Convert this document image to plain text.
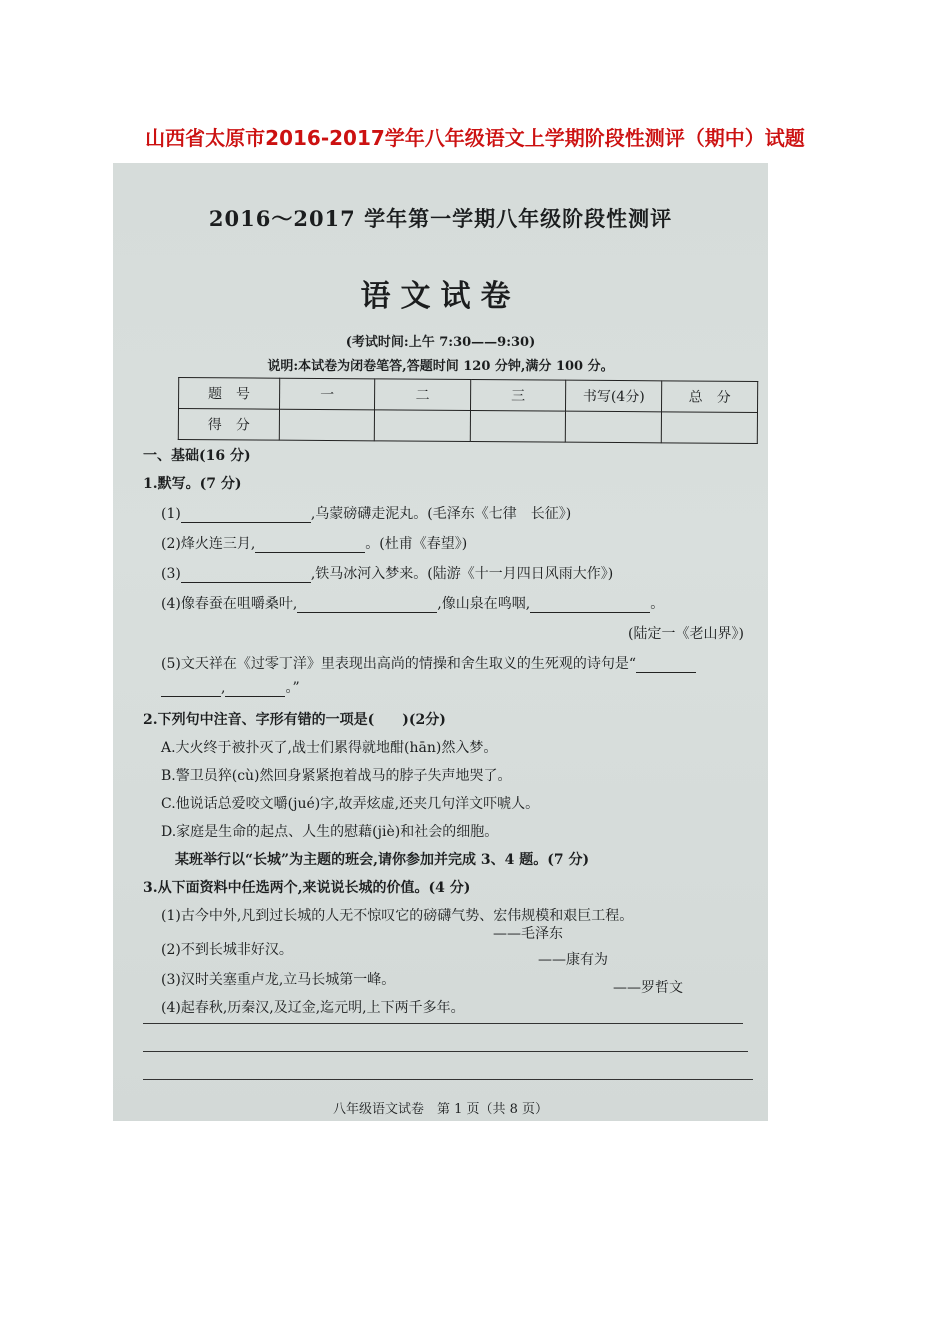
山西省太原市2016-2017学年八年级语文上学期阶段性测评（期中）试题

2016～2017 学年第一学期八年级阶段性测评
语文试卷
(考试时间:上午 7:30——9:30)
说明:本试卷为闭卷笔答,答题时间 120 分钟,满分 100 分。
题　号	一	二	三	书写(4分)	总　分
得　分					
一、基础(16 分)
1.默写。(7 分)
(1)	,乌蒙磅礴走泥丸。(毛泽东《七律　长征》)
(2)烽火连三月,	。(杜甫《春望》)
(3)	,铁马冰河入梦来。(陆游《十一月四日风雨大作》)
(4)像春蚕在咀嚼桑叶,	,像山泉在鸣咽,	。
(陆定一《老山界》)
(5)文天祥在《过零丁洋》里表现出高尚的情操和舍生取义的生死观的诗句是“
,	。”
2.下列句中注音、字形有错的一项是(　　)(2分)
A.大火终于被扑灭了,战士们累得就地酣(hān)然入梦。
B.警卫员猝(cù)然回身紧紧抱着战马的脖子失声地哭了。
C.他说话总爱咬文嚼(jué)字,故弄炫虚,还夹几句洋文吓唬人。
D.家庭是生命的起点、人生的慰藉(jiè)和社会的细胞。
某班举行以“长城”为主题的班会,请你参加并完成 3、4 题。(7 分)
3.从下面资料中任选两个,来说说长城的价值。(4 分)
(1)古今中外,凡到过长城的人无不惊叹它的磅礴气势、宏伟规模和艰巨工程。
——毛泽东
(2)不到长城非好汉。
——康有为
(3)汉时关塞重卢龙,立马长城第一峰。	——罗哲文
(4)起春秋,历秦汉,及辽金,迄元明,上下两千多年。
八年级语文试卷　第 1 页（共 8 页）
